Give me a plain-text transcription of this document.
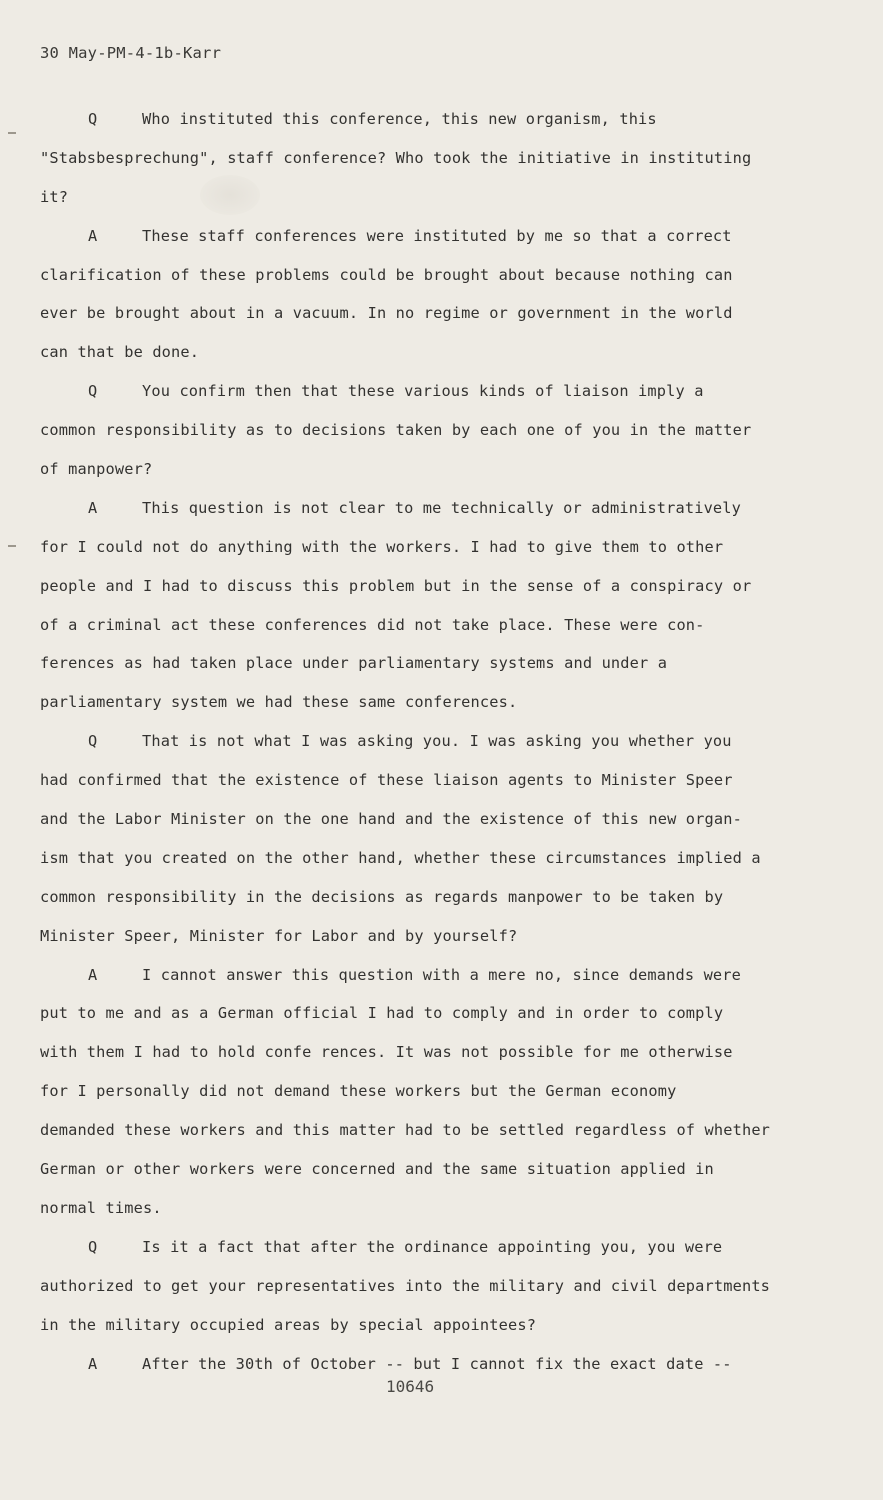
30 May-PM-4-1b-Karr
Q	Who instituted this conference, this new organism, this
"Stabsbesprechung", staff conference? Who took the initiative in instituting
it?
A	These staff conferences were instituted by me so that a correct
clarification of these problems could be brought about because nothing can
ever be brought about in a vacuum. In no regime or government in the world
can that be done.
Q	You confirm then that these various kinds of liaison imply a
common responsibility as to decisions taken by each one of you in the matter
of manpower?
A	This question is not clear to me technically or administratively
for I could not do anything with the workers. I had to give them to other
people and I had to discuss this problem but in the sense of a conspiracy or
of a criminal act these conferences did not take place. These were con-
ferences as had taken place under parliamentary systems and under a
parliamentary system we had these same conferences.
Q	That is not what I was asking you. I was asking you whether you
had confirmed that the existence of these liaison agents to Minister Speer
and the Labor Minister on the one hand and the existence of this new organ-
ism that you created on the other hand, whether these circumstances implied a
common responsibility in the decisions as regards manpower to be taken by
Minister Speer, Minister for Labor and by yourself?
A	I cannot answer this question with a mere no, since demands were
put to me and as a German official I had to comply and in order to comply
with them I had to hold confe rences. It was not possible for me otherwise
for I personally did not demand these workers but the German economy
demanded these workers and this matter had to be settled regardless of whether
German or other workers were concerned and the same situation applied in
normal times.
Q	Is it a fact that after the ordinance appointing you, you were
authorized to get your representatives into the military and civil departments
in the military occupied areas by special appointees?
A	After the 30th of October -- but I cannot fix the exact date --
10646
